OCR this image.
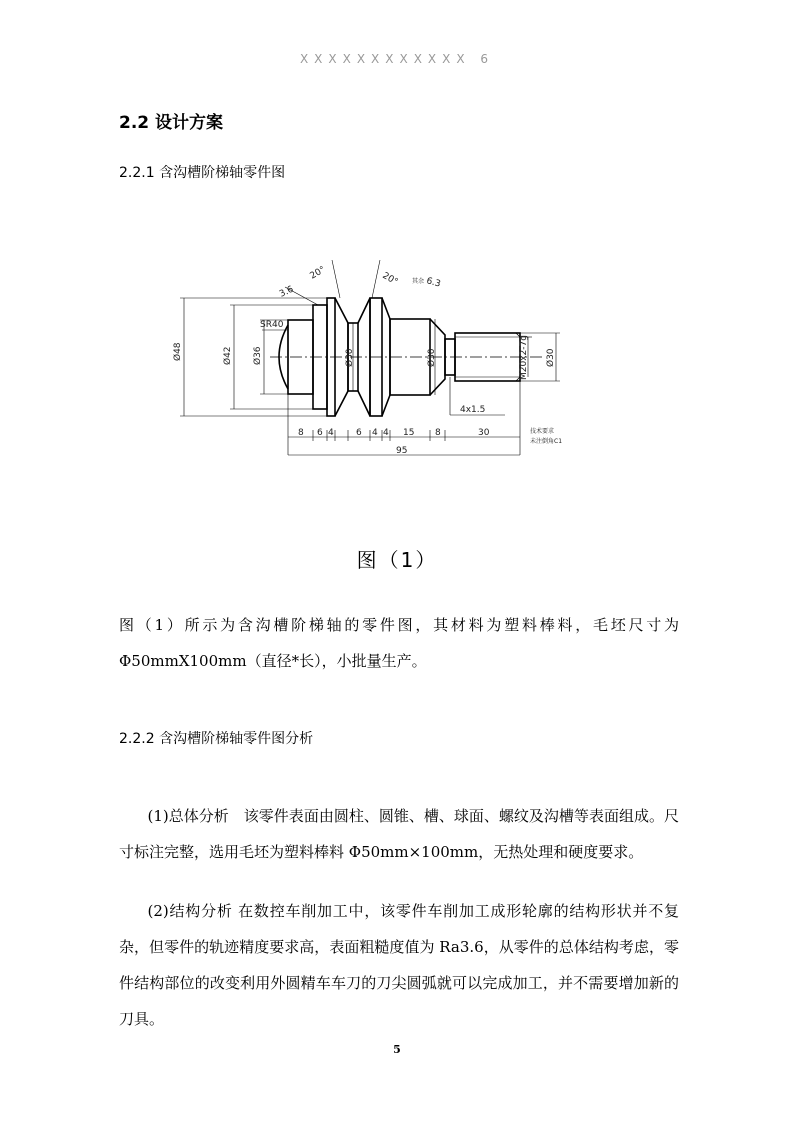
XXXXXXXXXXXX 6
2.2 设计方案
2.2.1 含沟槽阶梯轴零件图
Ø48	Ø42 Ø36	Ø30	Ø30	Ø30
M20x2-7g
SR40
3.6
20°	20° 其余 6.3
4x1.5
8 6 4 6 4 4 15 8	30
95
技术要求
未注倒角C1
图（1）
图（1）所示为含沟槽阶梯轴的零件图，其材料为塑料棒料，毛坯尺寸为Φ50mmX100mm（直径*长），小批量生产。
2.2.2 含沟槽阶梯轴零件图分析
(1)总体分析　该零件表面由圆柱、圆锥、槽、球面、螺纹及沟槽等表面组成。尺寸标注完整，选用毛坯为塑料棒料 Φ50mm×100mm，无热处理和硬度要求。
(2)结构分析 在数控车削加工中，该零件车削加工成形轮廓的结构形状并不复杂，但零件的轨迹精度要求高，表面粗糙度值为 Ra3.6，从零件的总体结构考虑，零件结构部位的改变利用外圆精车车刀的刀尖圆弧就可以完成加工，并不需要增加新的刀具。
5
